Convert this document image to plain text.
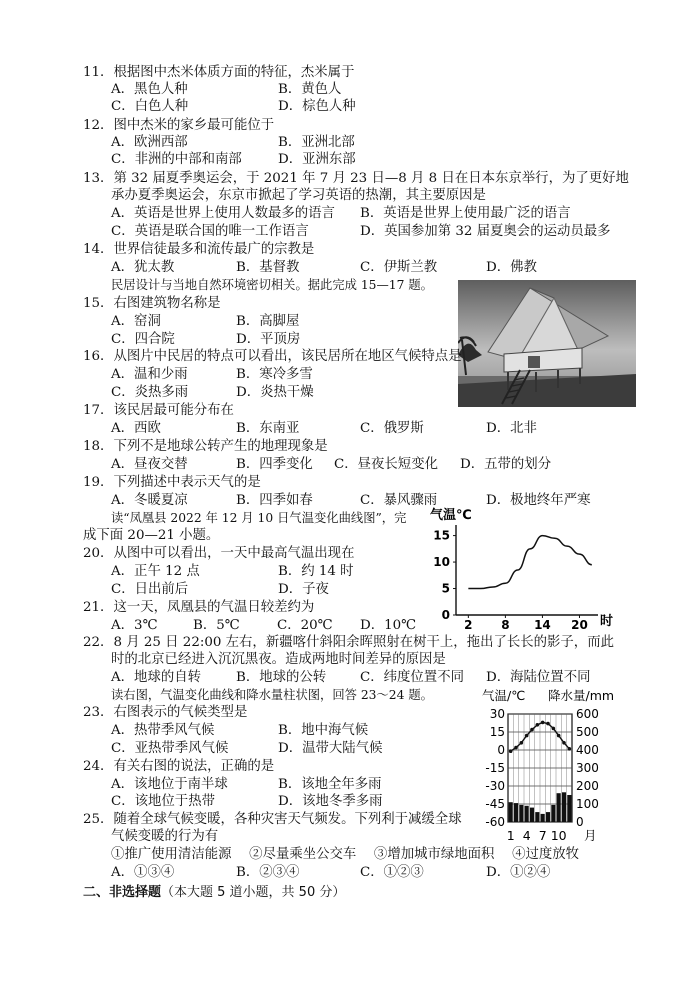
11．根据图中杰米体质方面的特征，杰米属于
A．黑色人种	B．黄色人
C．白色人种	D．棕色人种
12．图中杰米的家乡最可能位于
A．欧洲西部	B．亚洲北部
C．非洲的中部和南部	D．亚洲东部
13．第 32 届夏季奥运会，于 2021 年 7 月 23 日—8 月 8 日在日本东京举行，为了更好地
承办夏季奥运会，东京市掀起了学习英语的热潮，其主要原因是
A．英语是世界上使用人数最多的语言 B．英语是世界上使用最广泛的语言
C．英语是联合国的唯一工作语言	D．英国参加第 32 届夏奥会的运动员最多
14．世界信徒最多和流传最广的宗教是
A．犹太教	B．基督教	C．伊斯兰教	D．佛教
民居设计与当地自然环境密切相关。据此完成 15—17 题。
15．右图建筑物名称是
A．窑洞	B．高脚屋
C．四合院	D．平顶房
16．从图片中民居的特点可以看出，该民居所在地区气候特点是
A．温和少雨	B．寒冷多雪
C．炎热多雨	D．炎热干燥
17．该民居最可能分布在
A．西欧	B．东南亚	C．俄罗斯	D．北非
18．下列不是地球公转产生的地理现象是
A．昼夜交替	B．四季变化 C．昼夜长短变化 D．五带的划分
19．下列描述中表示天气的是
A．冬暖夏凉	B．四季如春	C．暴风骤雨	D．极地终年严寒
读“凤凰县 2022 年 12 月 10 日气温变化曲线图”，完
成下面 20—21 小题。
气温℃
0
5
10
15
2 8 14 20 时
20．从图中可以看出，一天中最高气温出现在
A．正午 12 点	B．约 14 时
C．日出前后	D．子夜
21．这一天，凤凰县的气温日较差约为
A．3℃	B．5℃	C．20℃ D．10℃
22．8 月 25 日 22:00 左右，新疆喀什斜阳余晖照射在树干上，拖出了长长的影子，而此
时的北京已经进入沉沉黑夜。造成两地时间差异的原因是
A．地球的自转	B．地球的公转	C．纬度位置不同 D．海陆位置不同
读右图，气温变化曲线和降水量柱状图，回答 23～24 题。	气温/℃ 降水量/mm
30
15
0
-15
-30
-45
-60
600
500
400
300
200
100
0
1 4 7 10 月
23．右图表示的气候类型是
A．热带季风气候	B．地中海气候
C．亚热带季风气候	D．温带大陆气候
24．有关右图的说法，正确的是
A．该地位于南半球	B．该地全年多雨
C．该地位于热带	D．该地冬季多雨
25．随着全球气候变暖，各种灾害天气频发。下列利于减缓全球
气候变暖的行为有
①推广使用清洁能源　 ②尽量乘坐公交车　 ③增加城市绿地面积　 ④过度放牧
A．①③④	B．②③④	C．①②③	D．①②④
二、非选择题（本大题 5 道小题，共 50 分）
